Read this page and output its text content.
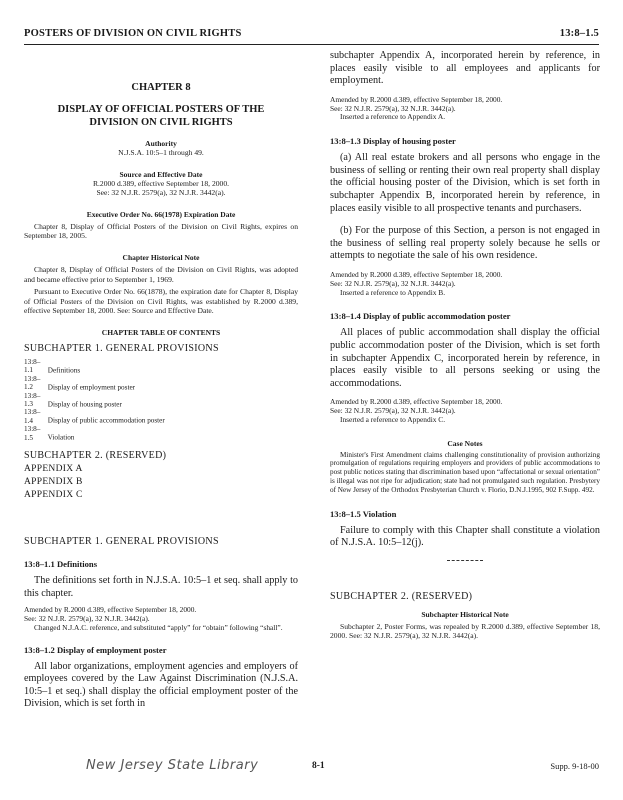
POSTERS OF DIVISION ON CIVIL RIGHTS	13:8–1.5
CHAPTER 8
DISPLAY OF OFFICIAL POSTERS OF THE
DIVISION ON CIVIL RIGHTS
Authority
N.J.S.A. 10:5–1 through 49.
Source and Effective Date
R.2000 d.389, effective September 18, 2000.
See: 32 N.J.R. 2579(a), 32 N.J.R. 3442(a).
Executive Order No. 66(1978) Expiration Date
Chapter 8, Display of Official Posters of the Division on Civil Rights, expires on September 18, 2005.
Chapter Historical Note
Chapter 8, Display of Official Posters of the Division on Civil Rights, was adopted and became effective prior to September 1, 1969.
Pursuant to Executive Order No. 66(1878), the expiration date for Chapter 8, Display of Official Posters of the Division on Civil Rights, was established by R.2000 d.389, effective September 18, 2000. See: Source and Effective Date.
CHAPTER TABLE OF CONTENTS
SUBCHAPTER 1. GENERAL PROVISIONS
13:8–1.1 Definitions
13:8–1.2 Display of employment poster
13:8–1.3 Display of housing poster
13:8–1.4 Display of public accommodation poster
13:8–1.5 Violation
SUBCHAPTER 2. (RESERVED)
APPENDIX A
APPENDIX B
APPENDIX C
SUBCHAPTER 1. GENERAL PROVISIONS
13:8–1.1 Definitions
The definitions set forth in N.J.S.A. 10:5–1 et seq. shall apply to this chapter.
Amended by R.2000 d.389, effective September 18, 2000.
See: 32 N.J.R. 2579(a), 32 N.J.R. 3442(a).
Changed N.J.A.C. reference, and substituted “apply” for “obtain” following “shall”.
13:8–1.2 Display of employment poster
All labor organizations, employment agencies and employers of employees covered by the Law Against Discrimination (N.J.S.A. 10:5–1 et seq.) shall display the official employment poster of the Division, which is set forth in
subchapter Appendix A, incorporated herein by reference, in places easily visible to all employees and applicants for employment.
Amended by R.2000 d.389, effective September 18, 2000.
See: 32 N.J.R. 2579(a), 32 N.J.R. 3442(a).
Inserted a reference to Appendix A.
13:8–1.3 Display of housing poster
(a) All real estate brokers and all persons who engage in the business of selling or renting their own real property shall display the official housing poster of the Division, which is set forth in subchapter Appendix B, incorporated herein by reference, in places easily visible to all prospective tenants and purchasers.
(b) For the purpose of this Section, a person is not engaged in the business of selling real property solely because he sells or attempts to negotiate the sale of his own residence.
Amended by R.2000 d.389, effective September 18, 2000.
See: 32 N.J.R. 2579(a), 32 N.J.R. 3442(a).
Inserted a reference to Appendix B.
13:8–1.4 Display of public accommodation poster
All places of public accommodation shall display the official public accommodation poster of the Division, which is set forth in subchapter Appendix C, incorporated herein by reference, in places easily visible to all persons seeking or using the accommodations.
Amended by R.2000 d.389, effective September 18, 2000.
See: 32 N.J.R. 2579(a), 32 N.J.R. 3442(a).
Inserted a reference to Appendix C.
Case Notes
Minister's First Amendment claims challenging constitutionality of provision authorizing promulgation of regulations requiring employers and providers of public accommodations to post public notices stating that discrimination based upon “affectational or sexual orientation” is illegal was not ripe for adjudication; state had not promulgated such regulation. Presbytery of New Jersey of the Orthodox Presbyterian Church v. Florio, D.N.J.1995, 902 F.Supp. 492.
13:8–1.5 Violation
Failure to comply with this Chapter shall constitute a violation of N.J.S.A. 10:5–12(j).
SUBCHAPTER 2. (RESERVED)
Subchapter Historical Note
Subchapter 2, Poster Forms, was repealed by R.2000 d.389, effective September 18, 2000. See: 32 N.J.R. 2579(a), 32 N.J.R. 3442(a).
New Jersey State Library	8-1	Supp. 9-18-00
